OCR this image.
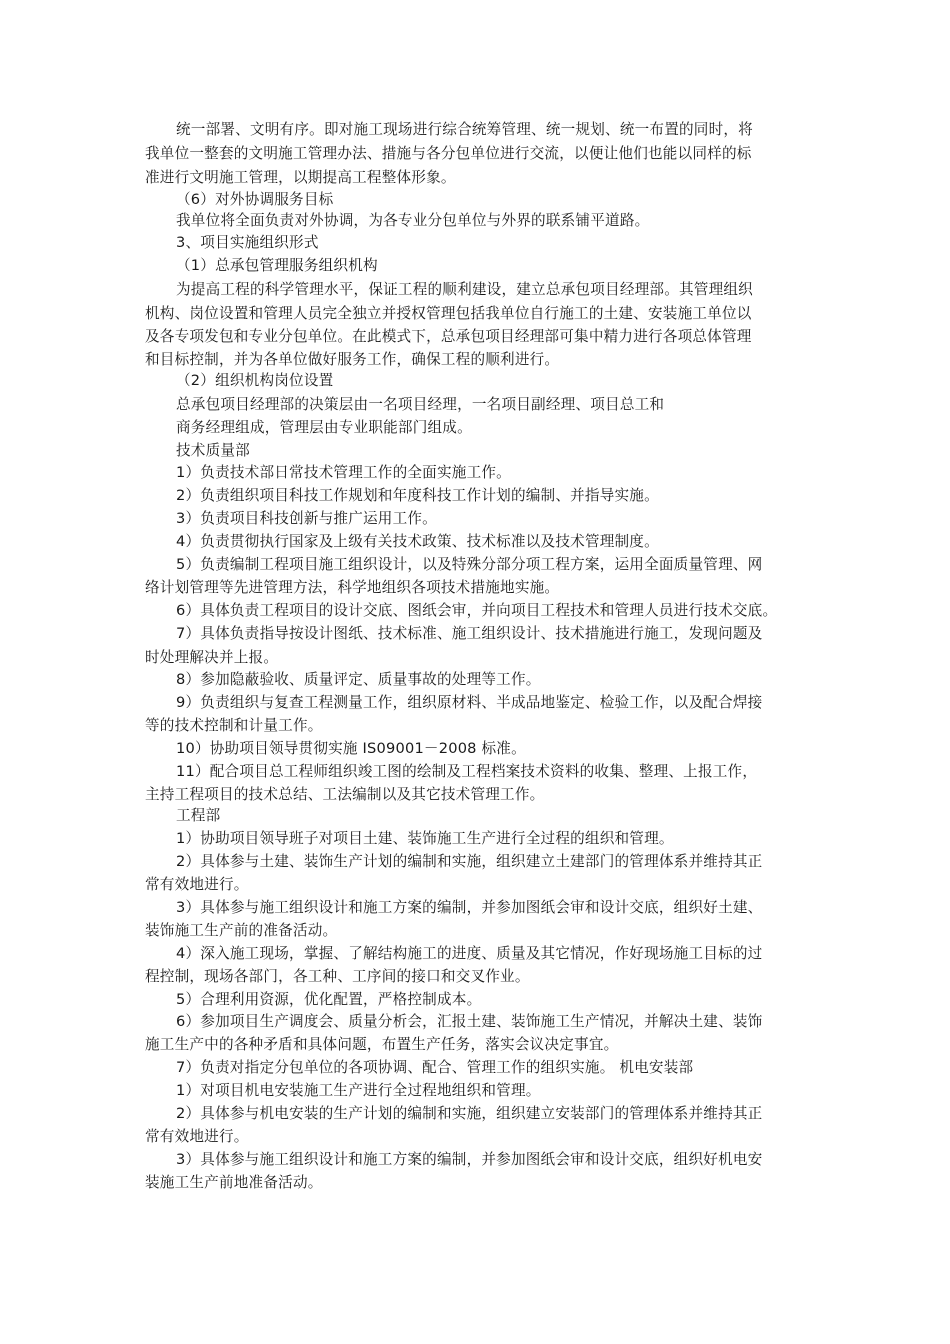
统一部署、文明有序。即对施工现场进行综合统筹管理、统一规划、统一布置的同时，将
我单位一整套的文明施工管理办法、措施与各分包单位进行交流，以便让他们也能以同样的标
准进行文明施工管理，以期提高工程整体形象。
（6）对外协调服务目标
我单位将全面负责对外协调，为各专业分包单位与外界的联系铺平道路。
3、项目实施组织形式
（1）总承包管理服务组织机构
为提高工程的科学管理水平，保证工程的顺利建设，建立总承包项目经理部。其管理组织
机构、岗位设置和管理人员完全独立并授权管理包括我单位自行施工的土建、安装施工单位以
及各专项发包和专业分包单位。在此模式下，总承包项目经理部可集中精力进行各项总体管理
和目标控制，并为各单位做好服务工作，确保工程的顺利进行。
（2）组织机构岗位设置
总承包项目经理部的决策层由一名项目经理，一名项目副经理、项目总工和
商务经理组成，管理层由专业职能部门组成。
技术质量部
1）负责技术部日常技术管理工作的全面实施工作。
2）负责组织项目科技工作规划和年度科技工作计划的编制、并指导实施。
3）负责项目科技创新与推广运用工作。
4）负责贯彻执行国家及上级有关技术政策、技术标准以及技术管理制度。
5）负责编制工程项目施工组织设计，以及特殊分部分项工程方案，运用全面质量管理、网
络计划管理等先进管理方法，科学地组织各项技术措施地实施。
6）具体负责工程项目的设计交底、图纸会审，并向项目工程技术和管理人员进行技术交底。
7）具体负责指导按设计图纸、技术标准、施工组织设计、技术措施进行施工，发现问题及
时处理解决并上报。
8）参加隐蔽验收、质量评定、质量事故的处理等工作。
9）负责组织与复查工程测量工作，组织原材料、半成品地鉴定、检验工作，以及配合焊接
等的技术控制和计量工作。
10）协助项目领导贯彻实施 IS09001－2008 标准。
11）配合项目总工程师组织竣工图的绘制及工程档案技术资料的收集、整理、上报工作，
主持工程项目的技术总结、工法编制以及其它技术管理工作。
工程部
1）协助项目领导班子对项目土建、装饰施工生产进行全过程的组织和管理。
2）具体参与土建、装饰生产计划的编制和实施，组织建立土建部门的管理体系并维持其正
常有效地进行。
3）具体参与施工组织设计和施工方案的编制，并参加图纸会审和设计交底，组织好土建、
装饰施工生产前的准备活动。
4）深入施工现场，掌握、了解结构施工的进度、质量及其它情况，作好现场施工目标的过
程控制，现场各部门，各工种、工序间的接口和交叉作业。
5）合理利用资源，优化配置，严格控制成本。
6）参加项目生产调度会、质量分析会，汇报土建、装饰施工生产情况，并解决土建、装饰
施工生产中的各种矛盾和具体问题，布置生产任务，落实会议决定事宜。
7）负责对指定分包单位的各项协调、配合、管理工作的组织实施。 机电安装部
1）对项目机电安装施工生产进行全过程地组织和管理。
2）具体参与机电安装的生产计划的编制和实施，组织建立安装部门的管理体系并维持其正
常有效地进行。
3）具体参与施工组织设计和施工方案的编制，并参加图纸会审和设计交底，组织好机电安
装施工生产前地准备活动。
